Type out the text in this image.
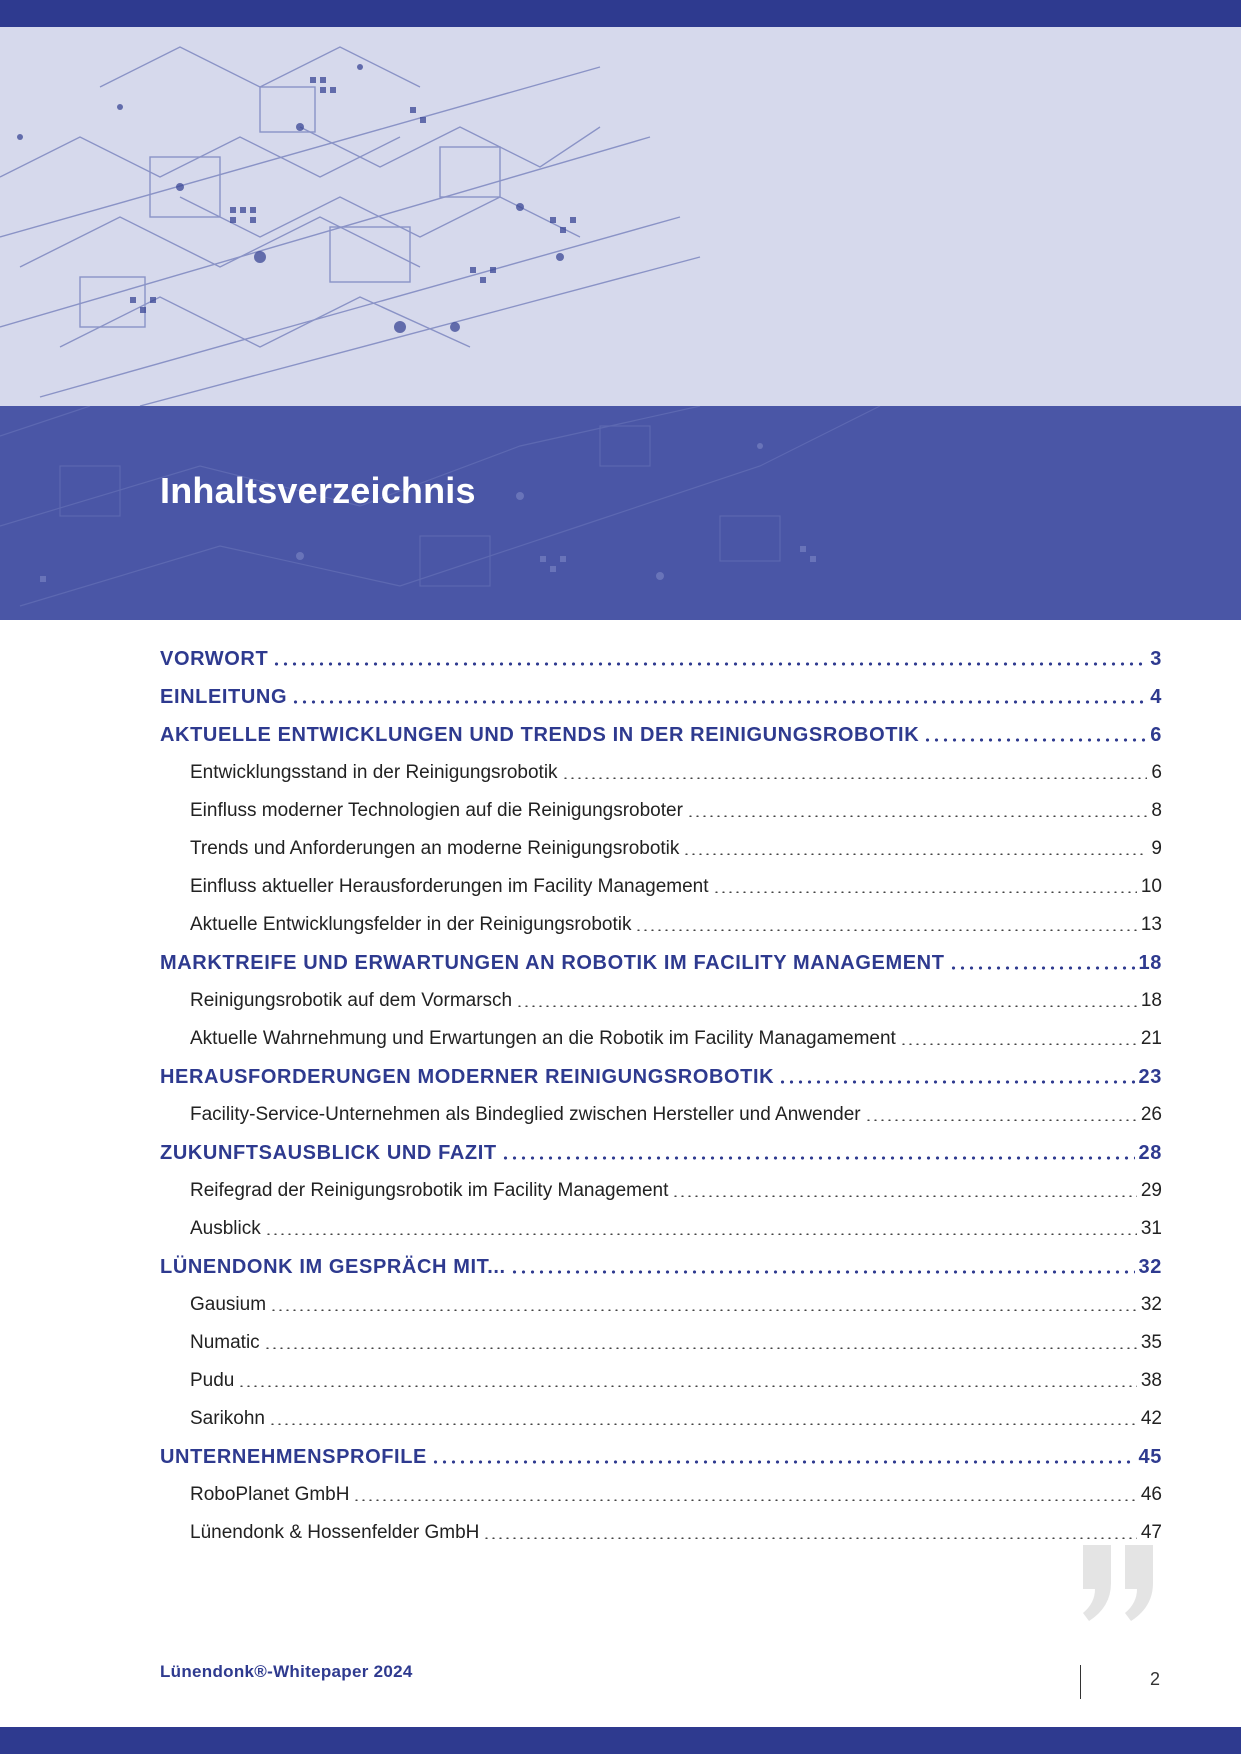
Inhaltsverzeichnis
VORWORT	3
EINLEITUNG	4
AKTUELLE ENTWICKLUNGEN UND TRENDS IN DER REINIGUNGSROBOTIK	6
Entwicklungsstand in der Reinigungsrobotik	6
Einfluss moderner Technologien auf die Reinigungsroboter	8
Trends und Anforderungen an moderne Reinigungsrobotik	9
Einfluss aktueller Herausforderungen im Facility Management	10
Aktuelle Entwicklungsfelder in der Reinigungsrobotik	13
MARKTREIFE UND ERWARTUNGEN AN ROBOTIK IM FACILITY MANAGEMENT	18
Reinigungsrobotik auf dem Vormarsch	18
Aktuelle Wahrnehmung und Erwartungen an die Robotik im Facility Managamement	21
HERAUSFORDERUNGEN MODERNER REINIGUNGSROBOTIK	23
Facility-Service-Unternehmen als Bindeglied zwischen Hersteller und Anwender	26
ZUKUNFTSAUSBLICK UND FAZIT	28
Reifegrad der Reinigungsrobotik im Facility Management	29
Ausblick	31
LÜNENDONK IM GESPRÄCH MIT...	32
Gausium	32
Numatic	35
Pudu	38
Sarikohn	42
UNTERNEHMENSPROFILE	45
RoboPlanet GmbH	46
Lünendonk & Hossenfelder GmbH	47
Lünendonk®-Whitepaper 2024	2
